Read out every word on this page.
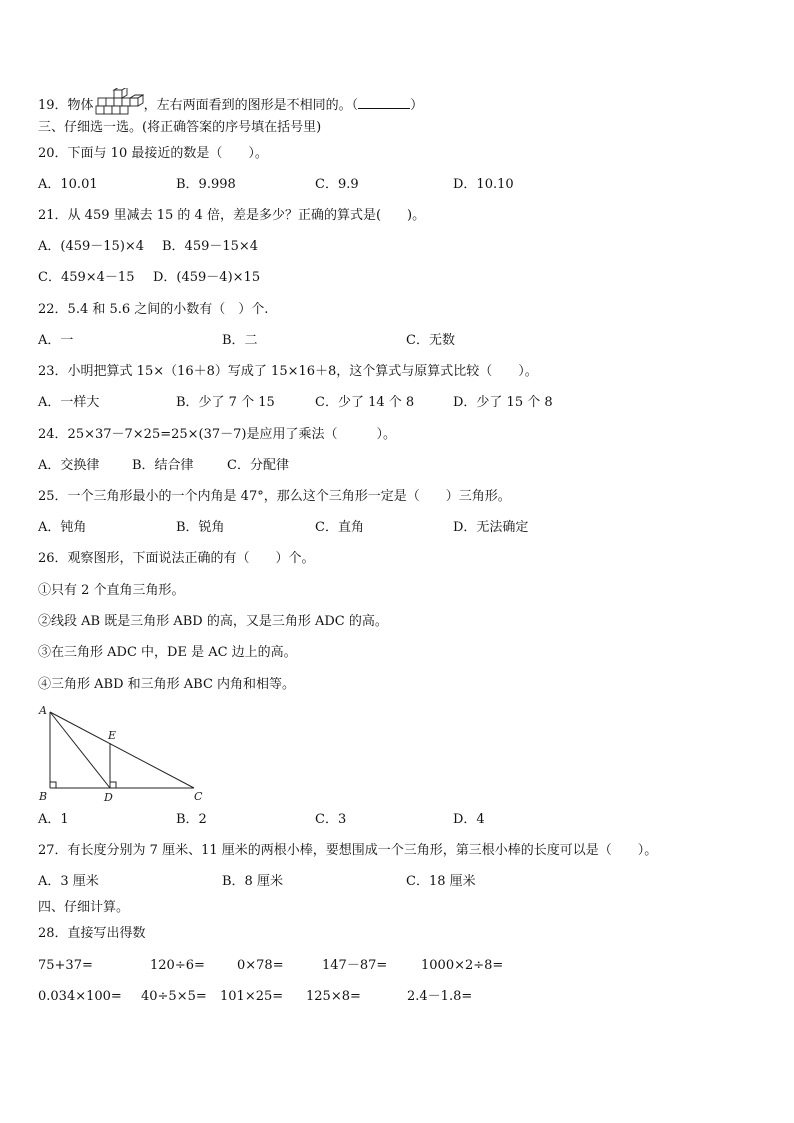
19．物体	，左右两面看到的图形是不相同的。（	）
三、仔细选一选。(将正确答案的序号填在括号里)
20．下面与 10 最接近的数是（　　）。
A．10.01	B．9.998	C．9.9	D．10.10
21．从 459 里减去 15 的 4 倍，差是多少？正确的算式是(　　)。
A．(459－15)×4 B．459－15×4
C．459×4－15 D．(459－4)×15
22．5.4 和 5.6 之间的小数有（　）个.
A．一	B．二	C．无数
23．小明把算式 15×（16＋8）写成了 15×16＋8，这个算式与原算式比较（　　）。
A．一样大	B．少了 7 个 15	C．少了 14 个 8	D．少了 15 个 8
24．25×37－7×25=25×(37－7)是应用了乘法（　　　）。
A．交换律	B．结合律	C．分配律
25．一个三角形最小的一个内角是 47°，那么这个三角形一定是（　　）三角形。
A．钝角	B．锐角	C．直角	D．无法确定
26．观察图形，下面说法正确的有（　　）个。
①只有 2 个直角三角形。
②线段 AB 既是三角形 ABD 的高，又是三角形 ADC 的高。
③在三角形 ADC 中，DE 是 AC 边上的高。
④三角形 ABD 和三角形 ABC 内角和相等。
A
B	D
E
C
A．1	B．2	C．3	D．4
27．有长度分别为 7 厘米、11 厘米的两根小棒，要想围成一个三角形，第三根小棒的长度可以是（　　）。
A．3 厘米	B．8 厘米	C．18 厘米
四、仔细计算。
28．直接写出得数
75+37=	120÷6= 0×78=	147－87=	1000×2÷8=
0.034×100= 40÷5×5= 101×25= 125×8=	2.4－1.8=
